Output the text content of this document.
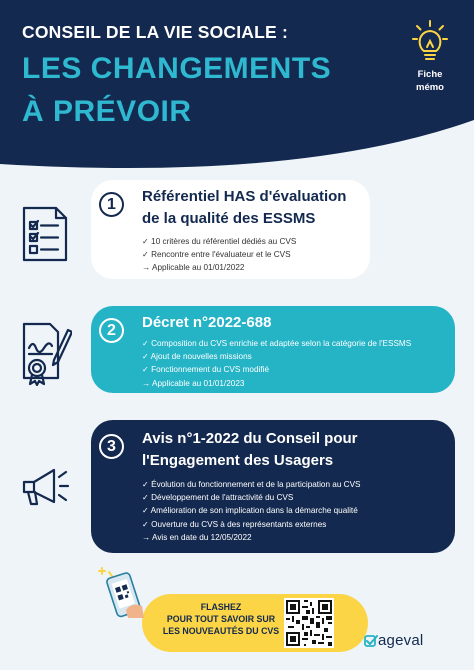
CONSEIL DE LA VIE SOCIALE :
LES CHANGEMENTS
À PRÉVOIR
Fiche
mémo
1	Référentiel HAS d'évaluation
de la qualité des ESSMS
✓ 10 critères du référentiel dédiés au CVS
✓ Rencontre entre l'évaluateur et le CVS
→ Applicable au 01/01/2022
2	Décret n°2022-688
✓ Composition du CVS enrichie et adaptée selon la catégorie de l'ESSMS
✓ Ajout de nouvelles missions
✓ Fonctionnement du CVS modifié
→ Applicable au 01/01/2023
3	Avis n°1-2022 du Conseil pour
l'Engagement des Usagers
✓ Évolution du fonctionnement et de la participation au CVS
✓ Développement de l'attractivité du CVS
✓ Amélioration de son implication dans la démarche qualité
✓ Ouverture du CVS à des représentants externes
→ Avis en date du 12/05/2022
FLASHEZ
POUR TOUT SAVOIR SUR
LES NOUVEAUTÉS DU CVS
ageval
